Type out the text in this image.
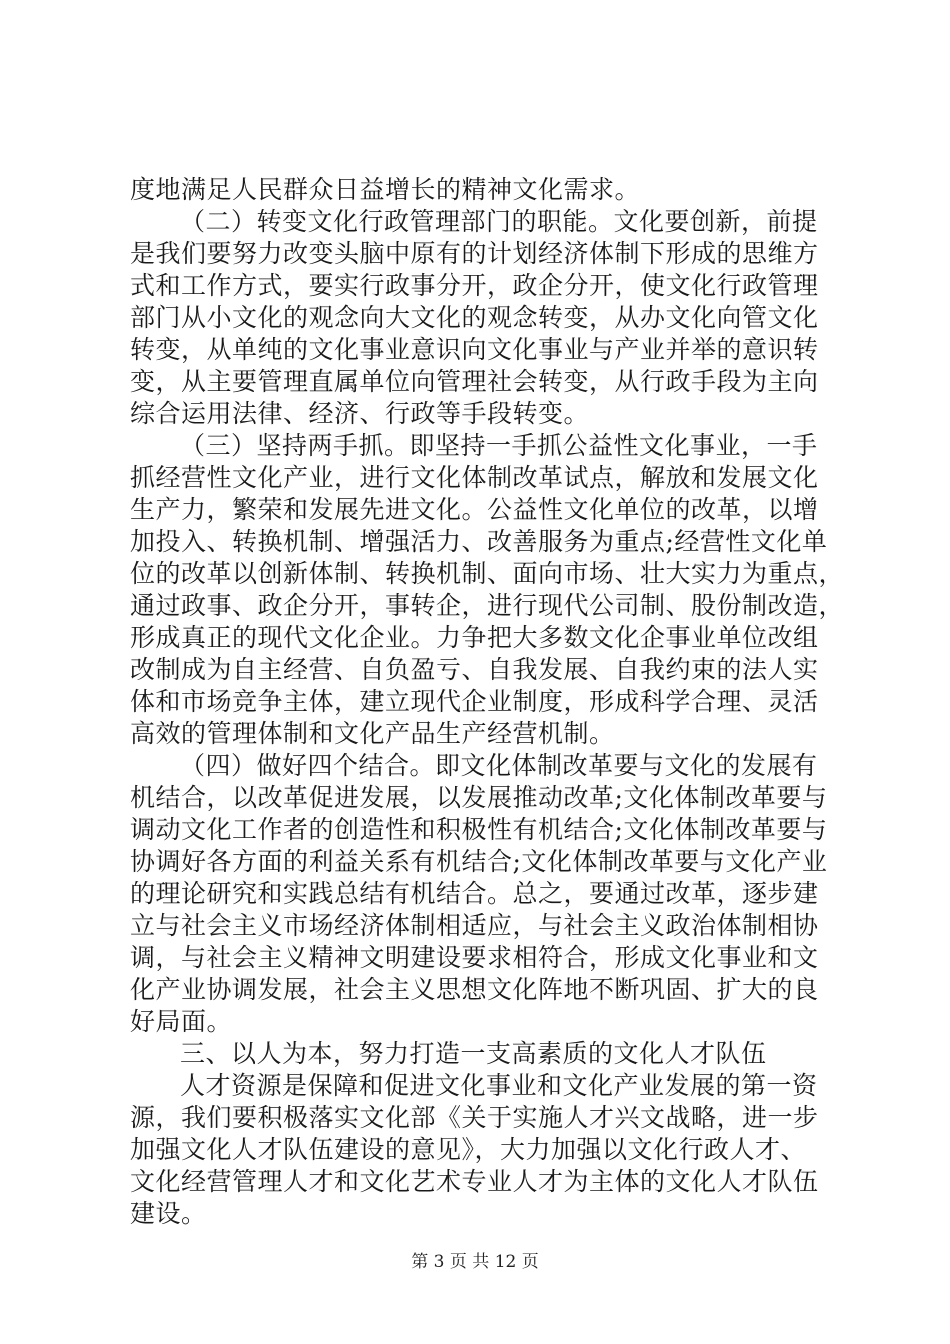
度地满足人民群众日益增长的精神文化需求。
（二）转变文化行政管理部门的职能。文化要创新，前提
是我们要努力改变头脑中原有的计划经济体制下形成的思维方
式和工作方式，要实行政事分开，政企分开，使文化行政管理
部门从小文化的观念向大文化的观念转变，从办文化向管文化
转变，从单纯的文化事业意识向文化事业与产业并举的意识转
变，从主要管理直属单位向管理社会转变，从行政手段为主向
综合运用法律、经济、行政等手段转变。
（三）坚持两手抓。即坚持一手抓公益性文化事业，一手
抓经营性文化产业，进行文化体制改革试点，解放和发展文化
生产力，繁荣和发展先进文化。公益性文化单位的改革，以增
加投入、转换机制、增强活力、改善服务为重点;经营性文化单
位的改革以创新体制、转换机制、面向市场、壮大实力为重点，
通过政事、政企分开，事转企，进行现代公司制、股份制改造，
形成真正的现代文化企业。力争把大多数文化企事业单位改组
改制成为自主经营、自负盈亏、自我发展、自我约束的法人实
体和市场竞争主体，建立现代企业制度，形成科学合理、灵活
高效的管理体制和文化产品生产经营机制。
（四）做好四个结合。即文化体制改革要与文化的发展有
机结合，以改革促进发展，以发展推动改革;文化体制改革要与
调动文化工作者的创造性和积极性有机结合;文化体制改革要与
协调好各方面的利益关系有机结合;文化体制改革要与文化产业
的理论研究和实践总结有机结合。总之，要通过改革，逐步建
立与社会主义市场经济体制相适应，与社会主义政治体制相协
调，与社会主义精神文明建设要求相符合，形成文化事业和文
化产业协调发展，社会主义思想文化阵地不断巩固、扩大的良
好局面。
三、以人为本，努力打造一支高素质的文化人才队伍
人才资源是保障和促进文化事业和文化产业发展的第一资
源，我们要积极落实文化部《关于实施人才兴文战略，进一步
加强文化人才队伍建设的意见》，大力加强以文化行政人才、
文化经营管理人才和文化艺术专业人才为主体的文化人才队伍
建设。
第 3 页 共 12 页
